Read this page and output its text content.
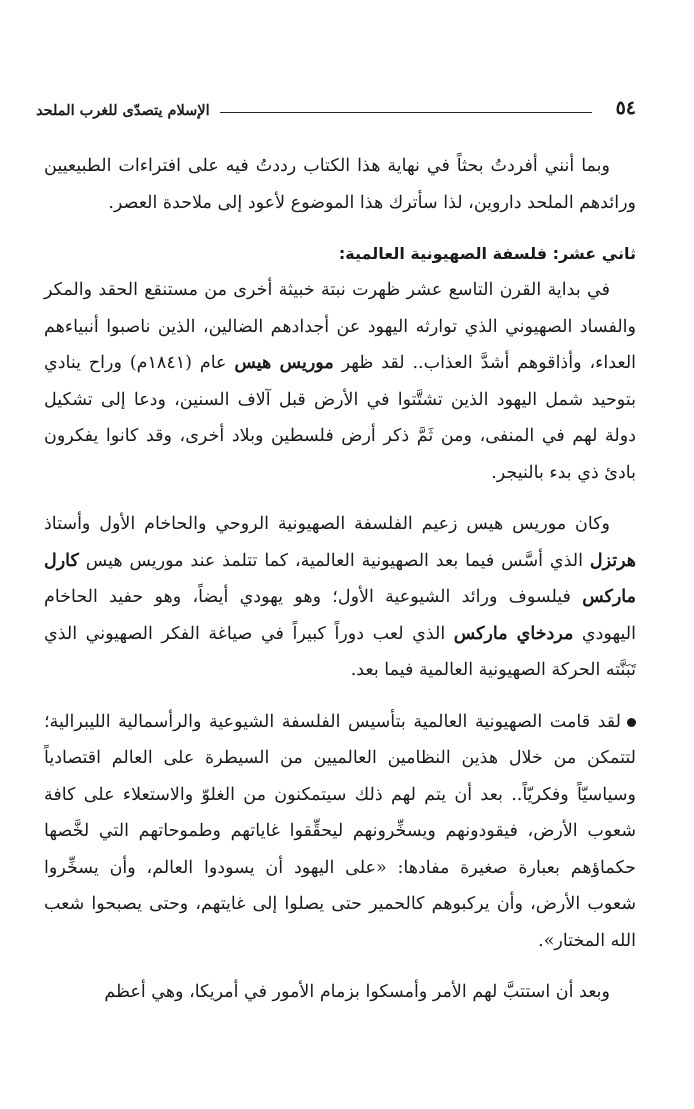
٥٤
الإسلام يتصدّى للغرب الملحد

وبما أنني أفردتُ بحثاً في نهاية هذا الكتاب رددتُ فيه على افتراءات الطبيعيين ورائدهم الملحد داروين، لذا سأترك هذا الموضوع لأعود إلى ملاحدة العصر.

ثاني عشر: فلسفة الصهيونية العالمية:

في بداية القرن التاسع عشر ظهرت نبتة خبيثة أخرى من مستنقع الحقد والمكر والفساد الصهيوني الذي توارثه اليهود عن أجدادهم الضالين، الذين ناصبوا أنبياءهم العداء، وأذاقوهم أشدَّ العذاب.. لقد ظهر موريس هيس عام (١٨٤١م) وراح ينادي بتوحيد شمل اليهود الذين تشتَّتوا في الأرض قبل آلاف السنين، ودعا إلى تشكيل دولة لهم في المنفى، ومن ثَمَّ ذكر أرض فلسطين وبلاد أخرى، وقد كانوا يفكرون بادئ ذي بدء بالنيجر.

وكان موريس هيس زعيم الفلسفة الصهيونية الروحي والحاخام الأول وأستاذ هرتزل الذي أسَّس فيما بعد الصهيونية العالمية، كما تتلمذ عند موريس هيس كارل ماركس فيلسوف ورائد الشيوعية الأول؛ وهو يهودي أيضاً، وهو حفيد الحاخام اليهودي مردخاي ماركس الذي لعب دوراً كبيراً في صياغة الفكر الصهيوني الذي تَبَنَّته الحركة الصهيونية العالمية فيما بعد.

لقد قامت الصهيونية العالمية بتأسيس الفلسفة الشيوعية والرأسمالية الليبرالية؛ لتتمكن من خلال هذين النظامين العالميين من السيطرة على العالم اقتصادياً وسياسيّاً وفكريّاً.. بعد أن يتم لهم ذلك سيتمكنون من الغلوّ والاستعلاء على كافة شعوب الأرض، فيقودونهم ويسخِّرونهم ليحقِّقوا غاياتهم وطموحاتهم التي لخَّصها حكماؤهم بعبارة صغيرة مفادها: «على اليهود أن يسودوا العالم، وأن يسخِّروا شعوب الأرض، وأن يركبوهم كالحمير حتى يصلوا إلى غايتهم، وحتى يصبحوا شعب الله المختار».

وبعد أن استتبَّ لهم الأمر وأمسكوا بزمام الأمور في أمريكا، وهي أعظم
